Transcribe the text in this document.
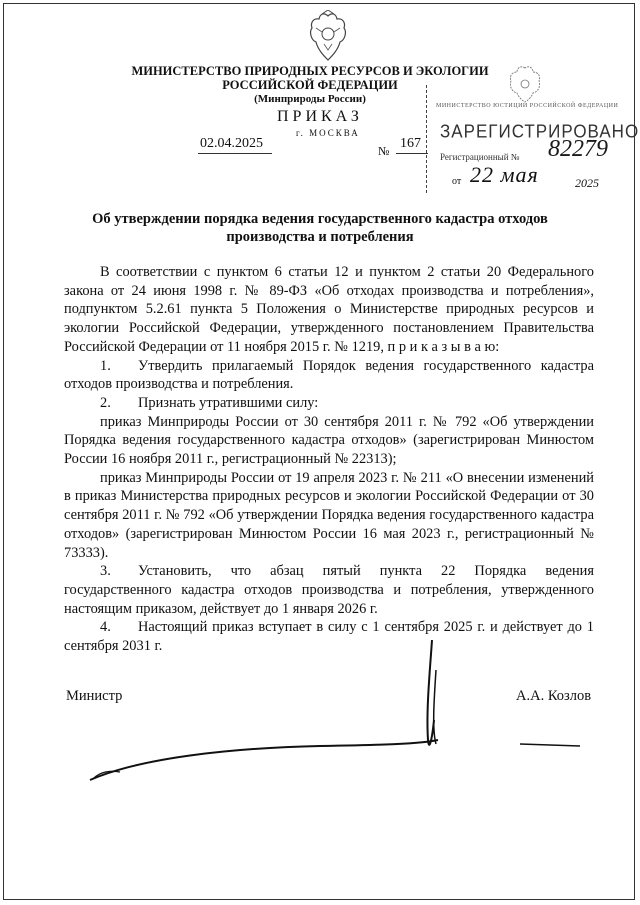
МИНИСТЕРСТВО ПРИРОДНЫХ РЕСУРСОВ И ЭКОЛОГИИ
РОССИЙСКОЙ ФЕДЕРАЦИИ
(Минприроды России)
ПРИКАЗ
02.04.2025
г. МОСКВА
№ 167
МИНИСТЕРСТВО ЮСТИЦИИ РОССИЙСКОЙ ФЕДЕРАЦИИ
ЗАРЕГИСТРИРОВАНО
Регистрационный № 82279
от 22 мая	2025
Об утверждении порядка ведения государственного кадастра отходов
производства и потребления

В соответствии с пунктом 6 статьи 12 и пунктом 2 статьи 20 Федерального закона от 24 июня 1998 г. № 89-ФЗ «Об отходах производства и потребления», подпунктом 5.2.61 пункта 5 Положения о Министерстве природных ресурсов и экологии Российской Федерации, утвержденного постановлением Правительства Российской Федерации от 11 ноября 2015 г. № 1219, п р и к а з ы в а ю:

1. Утвердить прилагаемый Порядок ведения государственного кадастра отходов производства и потребления.

2. Признать утратившими силу:

приказ Минприроды России от 30 сентября 2011 г. № 792 «Об утверждении Порядка ведения государственного кадастра отходов» (зарегистрирован Минюстом России 16 ноября 2011 г., регистрационный № 22313);

приказ Минприроды России от 19 апреля 2023 г. № 211 «О внесении изменений в приказ Министерства природных ресурсов и экологии Российской Федерации от 30 сентября 2011 г. № 792 «Об утверждении Порядка ведения государственного кадастра отходов» (зарегистрирован Минюстом России 16 мая 2023 г., регистрационный № 73333).

3. Установить, что абзац пятый пункта 22 Порядка ведения государственного кадастра отходов производства и потребления, утвержденного настоящим приказом, действует до 1 января 2026 г.

4. Настоящий приказ вступает в силу с 1 сентября 2025 г. и действует до 1 сентября 2031 г.

Министр	А.А. Козлов
